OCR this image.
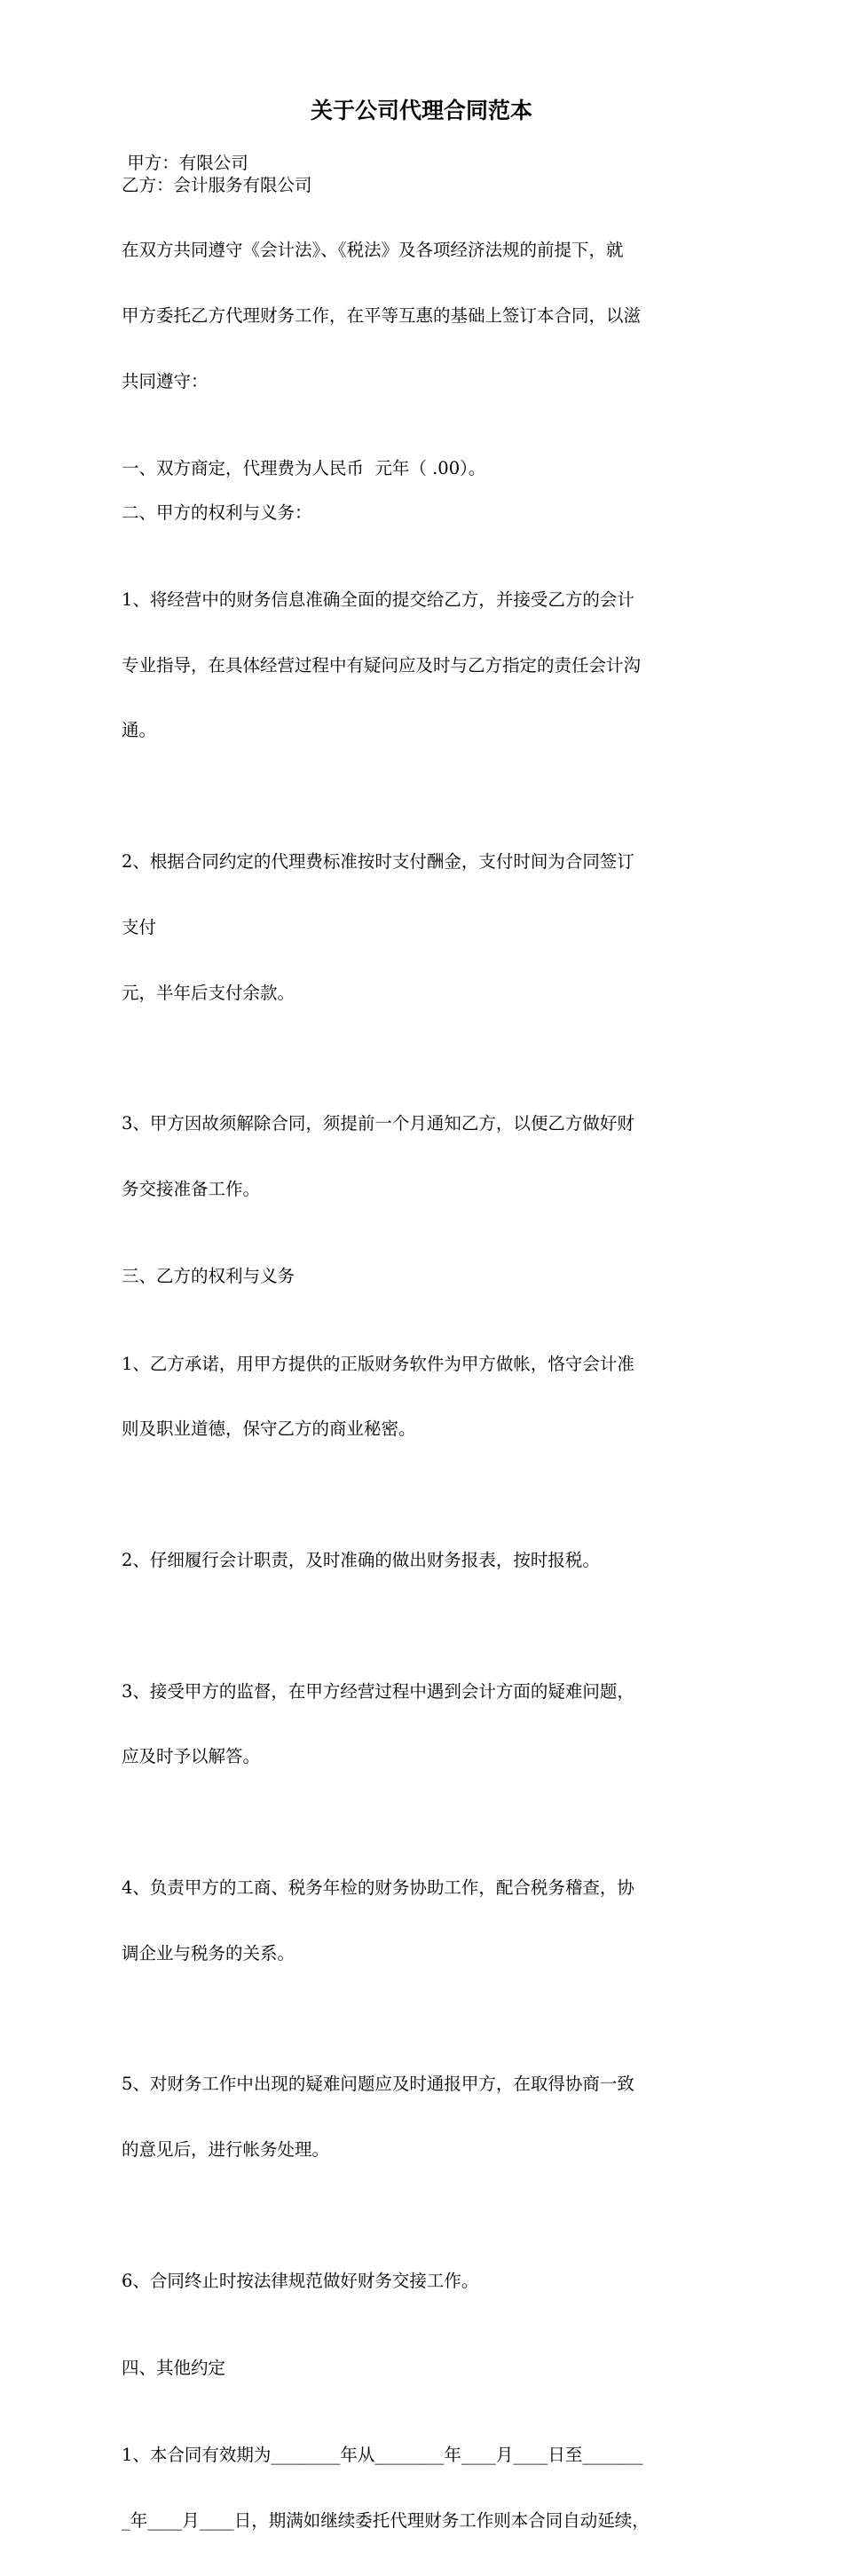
关于公司代理合同范本
甲方：有限公司
乙方：会计服务有限公司

在双方共同遵守《会计法》、《税法》及各项经济法规的前提下，就

甲方委托乙方代理财务工作，在平等互惠的基础上签订本合同，以滋

共同遵守：

一、双方商定，代理费为人民币  元年（ .00）。
二、甲方的权利与义务：

1、将经营中的财务信息准确全面的提交给乙方，并接受乙方的会计

专业指导，在具体经营过程中有疑问应及时与乙方指定的责任会计沟

通。

2、根据合同约定的代理费标准按时支付酬金，支付时间为合同签订

支付

元，半年后支付余款。

3、甲方因故须解除合同，须提前一个月通知乙方，以便乙方做好财

务交接准备工作。

三、乙方的权利与义务

1、乙方承诺，用甲方提供的正版财务软件为甲方做帐，恪守会计准

则及职业道德，保守乙方的商业秘密。

2、仔细履行会计职责，及时准确的做出财务报表，按时报税。

3、接受甲方的监督，在甲方经营过程中遇到会计方面的疑难问题，

应及时予以解答。

4、负责甲方的工商、税务年检的财务协助工作，配合税务稽查，协

调企业与税务的关系。

5、对财务工作中出现的疑难问题应及时通报甲方，在取得协商一致

的意见后，进行帐务处理。

6、合同终止时按法律规范做好财务交接工作。

四、其他约定

1、本合同有效期为________年从________年____月____日至_______

_年____月____日，期满如继续委托代理财务工作则本合同自动延续，
